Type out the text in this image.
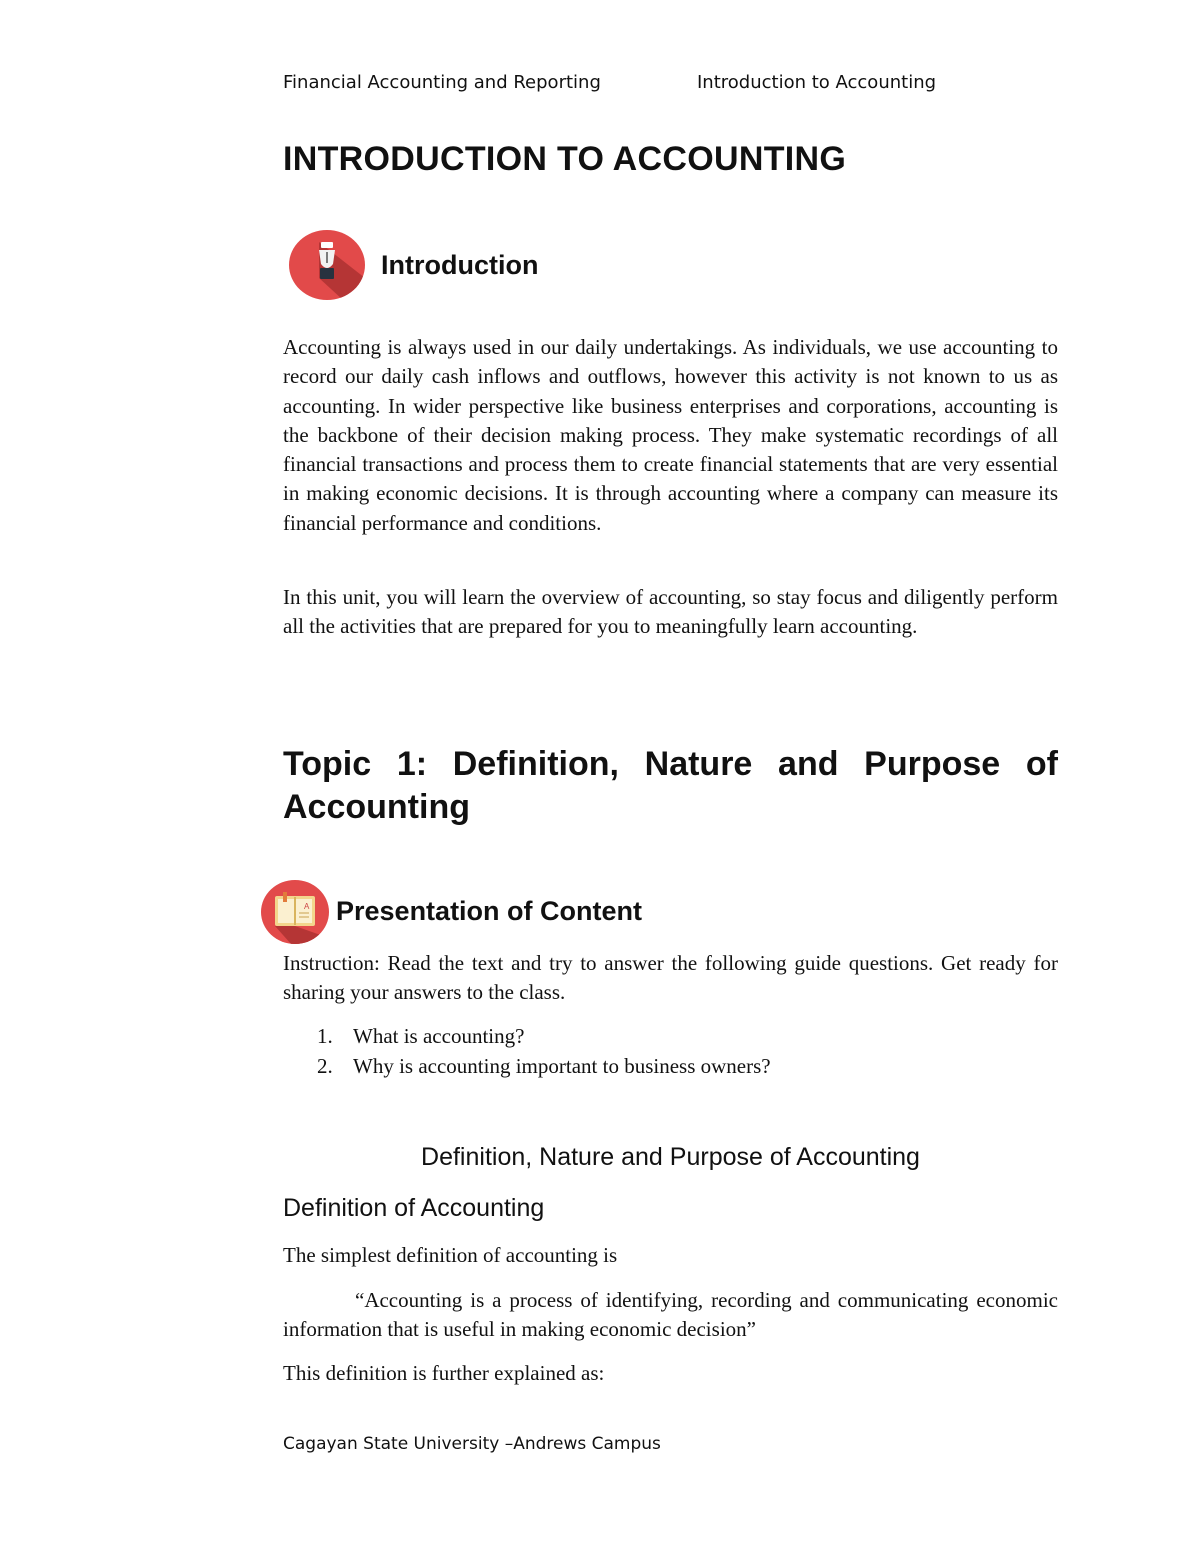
Financial Accounting and Reporting	Introduction to Accounting
INTRODUCTION TO ACCOUNTING
Introduction

Accounting is always used in our daily undertakings. As individuals, we use accounting to record our daily cash inflows and outflows, however this activity is not known to us as accounting. In wider perspective like business enterprises and corporations, accounting is the backbone of their decision making process. They make systematic recordings of all financial transactions and process them to create financial statements that are very essential in making economic decisions. It is through accounting where a company can measure its financial performance and conditions.

In this unit, you will learn the overview of accounting, so stay focus and diligently perform all the activities that are prepared for you to meaningfully learn accounting.

Topic 1: Definition, Nature and Purpose of Accounting
A Presentation of Content

Instruction: Read the text and try to answer the following guide questions. Get ready for sharing your answers to the class.

1. What is accounting?
2. Why is accounting important to business owners?
Definition, Nature and Purpose of Accounting
Definition of Accounting

The simplest definition of accounting is

“Accounting is a process of identifying, recording and communicating economic information that is useful in making economic decision”

This definition is further explained as:

Cagayan State University –Andrews Campus
